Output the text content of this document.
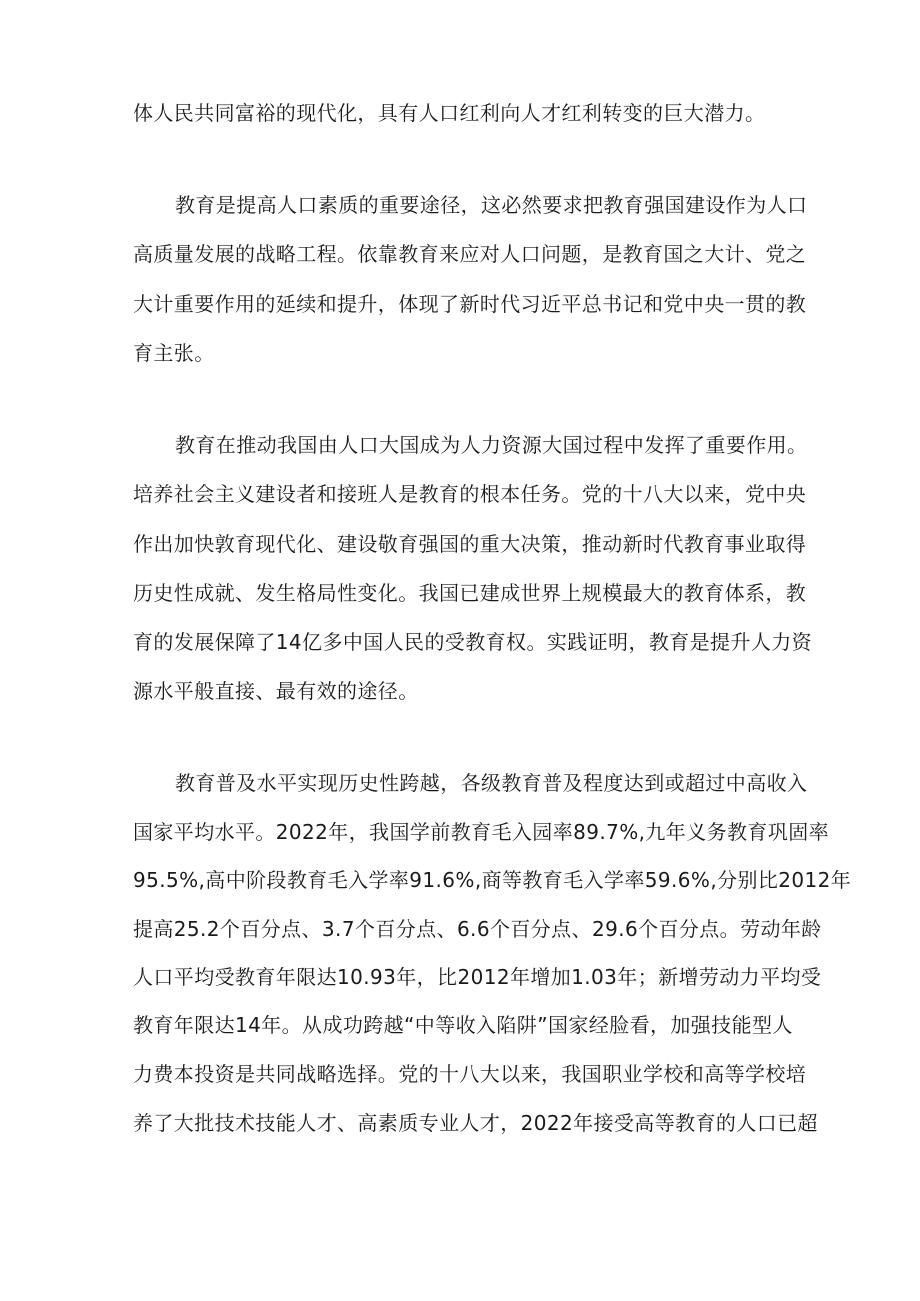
体人民共同富裕的现代化，具有人口红利向人才红利转变的巨大潜力。

教育是提高人口素质的重要途径，这必然要求把教育强国建设作为人口

高质量发展的战略工程。依靠教育来应对人口问题，是教育国之大计、党之

大计重要作用的延续和提升，体现了新时代习近平总书记和党中央一贯的教

育主张。

教育在推动我国由人口大国成为人力资源大国过程中发挥了重要作用。

培养社会主义建设者和接班人是教育的根本任务。党的十八大以来，党中央

作出加快敦育现代化、建设敬育强国的重大决策，推动新时代教育事业取得

历史性成就、发生格局性变化。我国已建成世界上规模最大的教育体系，教

育的发展保障了14亿多中国人民的受教育权。实践证明，教育是提升人力资

源水平般直接、最有效的途径。

教育普及水平实现历史性跨越，各级教育普及程度达到或超过中高收入

国家平均水平。2022年，我国学前教育毛入园率89.7%,九年义务教育巩固率

95.5%,高中阶段教育毛入学率91.6%,商等教育毛入学率59.6%,分别比2012年

提高25.2个百分点、3.7个百分点、6.6个百分点、29.6个百分点。劳动年龄

人口平均受教育年限达10.93年，比2012年增加1.03年；新增劳动力平均受

教育年限达14年。从成功跨越“中等收入陷阱”国家经脸看，加强技能型人

力费本投资是共同战略选择。党的十八大以来，我国职业学校和高等学校培

养了大批技术技能人才、高素质专业人才，2022年接受高等教育的人口已超
